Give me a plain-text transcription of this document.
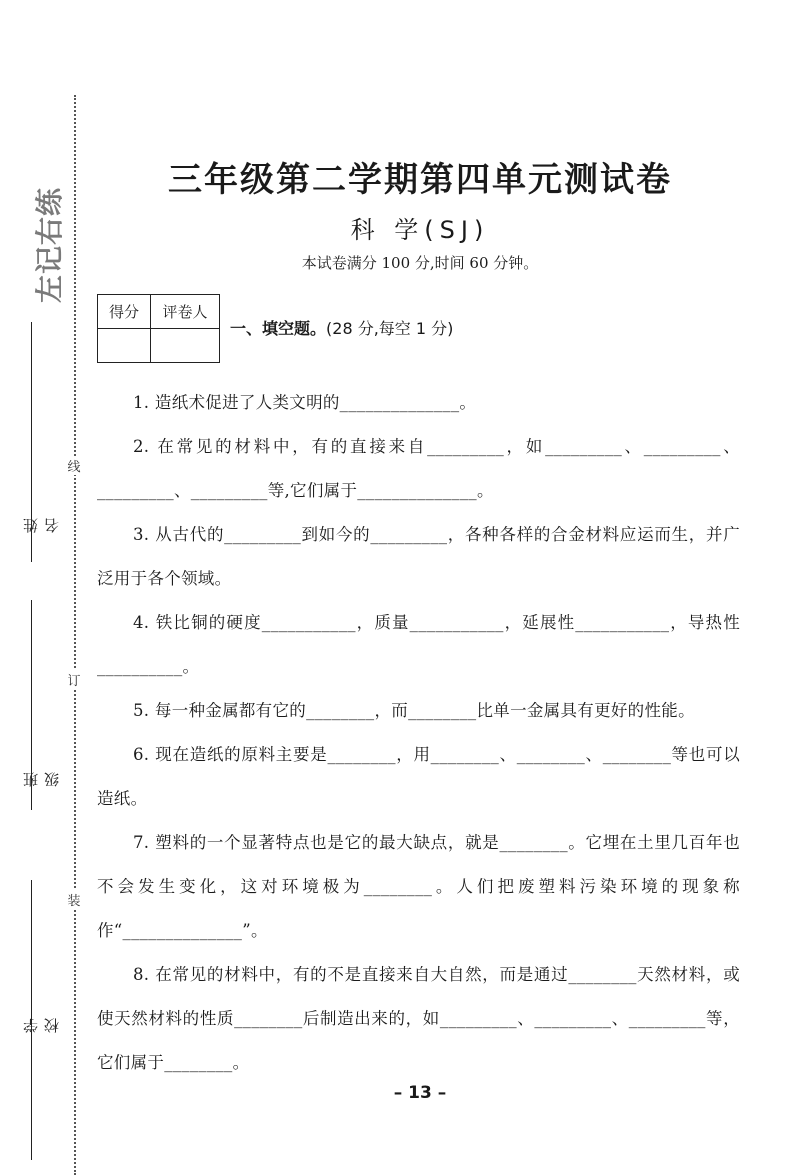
左记右练
线
订
装
姓名
班级
学校
三年级第二学期第四单元测试卷
科 学(SJ)
本试卷满分 100 分,时间 60 分钟。
得分	评卷人

一、填空题。(28 分,每空 1 分)

1. 造纸术促进了人类文明的______________。

2. 在常见的材料中，有的直接来自_________，如_________、_________、_________、_________等,它们属于______________。

3. 从古代的_________到如今的_________，各种各样的合金材料应运而生，并广泛用于各个领域。

4. 铁比铜的硬度___________，质量___________，延展性___________，导热性__________。

5. 每一种金属都有它的________，而________比单一金属具有更好的性能。

6. 现在造纸的原料主要是________，用________、________、________等也可以造纸。

7. 塑料的一个显著特点也是它的最大缺点，就是________。它埋在土里几百年也不会发生变化，这对环境极为________。人们把废塑料污染环境的现象称作“______________”。

8. 在常见的材料中，有的不是直接来自大自然，而是通过________天然材料，或使天然材料的性质________后制造出来的，如_________、_________、_________等，它们属于________。

– 13 –
